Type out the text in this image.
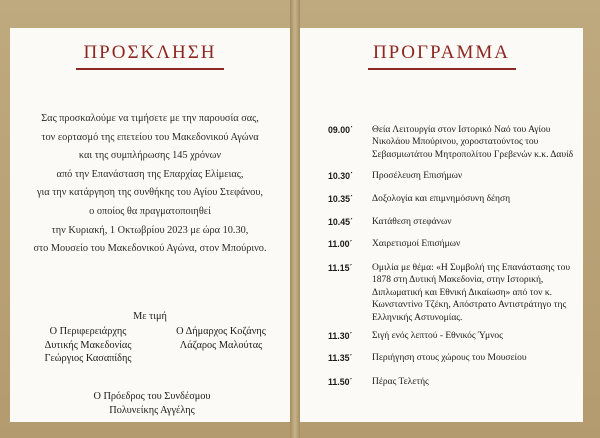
ΠΡΟΣΚΛΗΣΗ
Σας προσκαλούμε να τιμήσετε με την παρουσία σας,
τον εορτασμό της επετείου του Μακεδονικού Αγώνα
και της συμπλήρωσης 145 χρόνων
από την Επανάσταση της Επαρχίας Ελίμειας,
για την κατάργηση της συνθήκης του Αγίου Στεφάνου,
ο οποίος θα πραγματοποιηθεί
την Κυριακή, 1 Οκτωβρίου 2023 με ώρα 10.30,
στο Μουσείο του Μακεδονικού Αγώνα, στον Μπούρινο.
Με τιμή
Ο Περιφερειάρχης
Δυτικής Μακεδονίας
Γεώργιος Κασαπίδης
Ο Δήμαρχος Κοζάνης
Λάζαρος Μαλούτας
Ο Πρόεδρος του Συνδέσμου
Πολυνείκης Αγγέλης
ΠΡΟΓΡΑΜΜΑ
09.00΄	Θεία Λειτουργία στον Ιστορικό Ναό του Αγίου
Νικολάου Μπούρινου, χοροστατούντος του
Σεβασμιωτάτου Μητροπολίτου Γρεβενών κ.κ. Δαυίδ
10.30΄	Προσέλευση Επισήμων
10.35΄	Δοξολογία και επιμνημόσυνη δέηση
10.45΄	Κατάθεση στεφάνων
11.00΄	Χαιρετισμοί Επισήμων
11.15΄	Ομιλία με θέμα: «Η Συμβολή της Επανάστασης του
1878 στη Δυτική Μακεδονία, στην Ιστορική,
Διπλωματική και Εθνική Δικαίωση» από τον κ.
Κωνσταντίνο Τζέκη, Απόστρατο Αντιστράτηγο της
Ελληνικής Αστυνομίας.
11.30΄	Σιγή ενός λεπτού - Εθνικός Ύμνος
11.35΄	Περιήγηση στους χώρους του Μουσείου
11.50΄	Πέρας Τελετής
